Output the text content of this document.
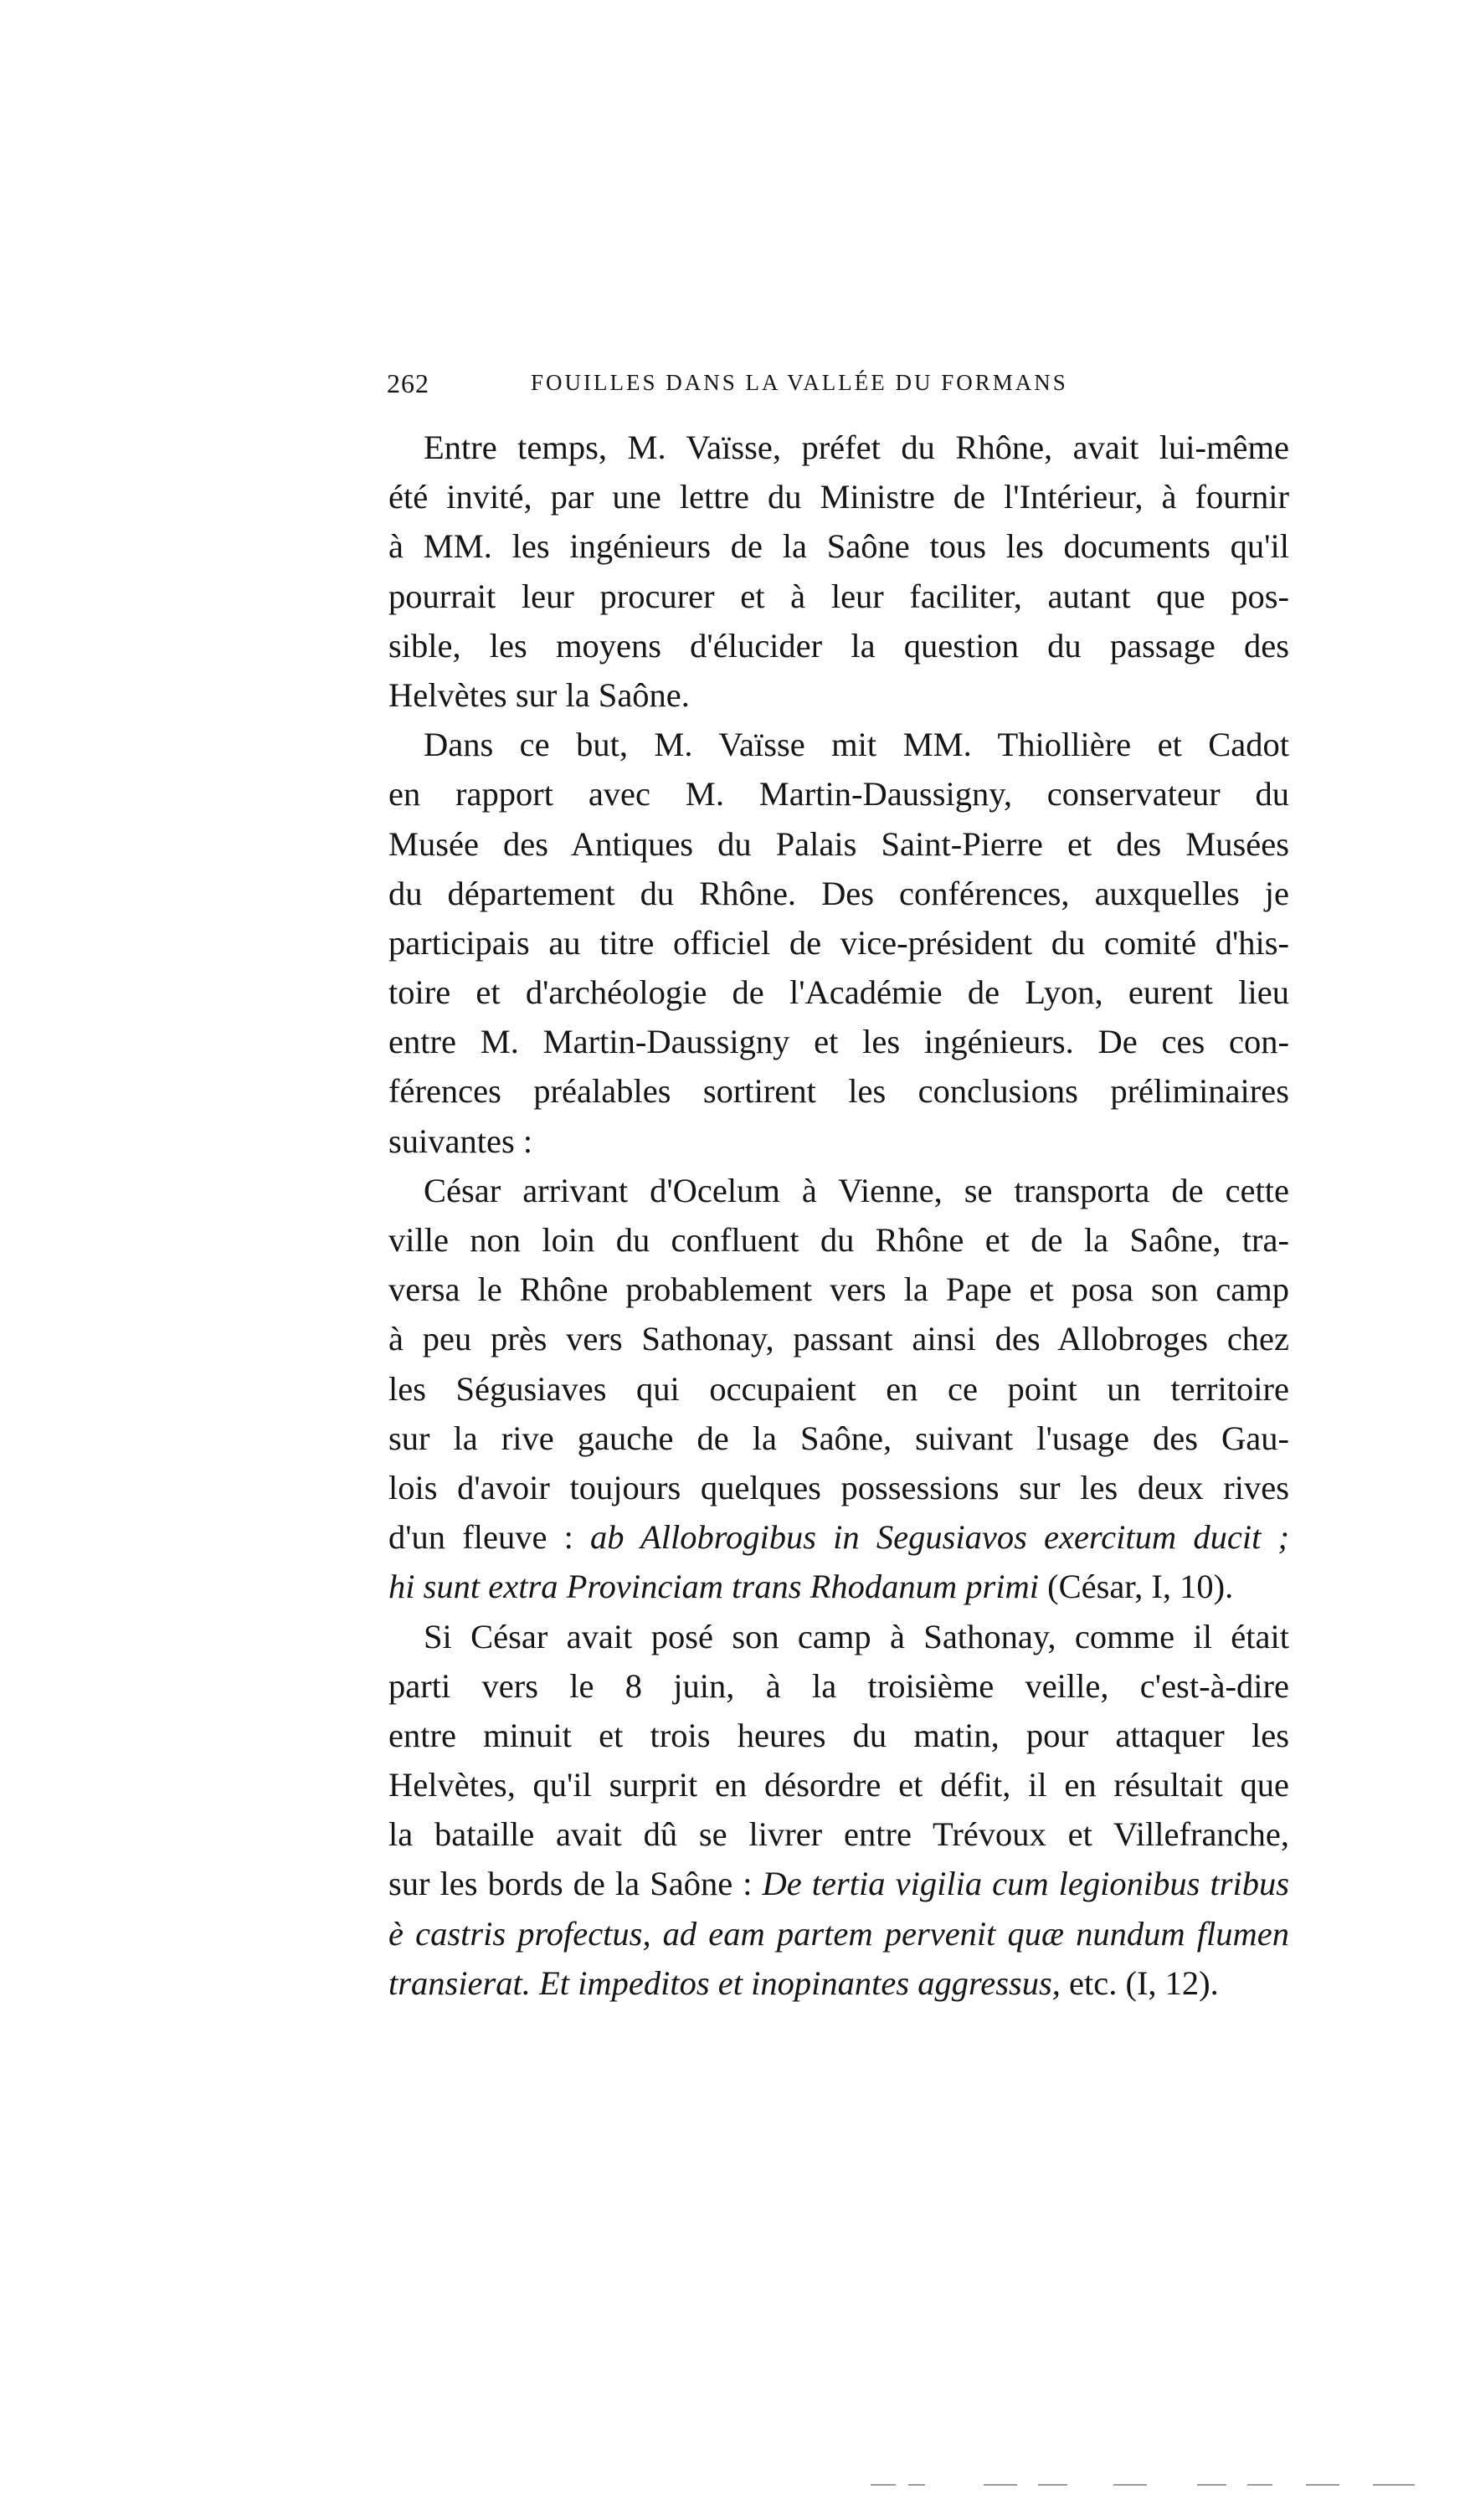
262	FOUILLES DANS LA VALLÉE DU FORMANS
Entre temps, M. Vaïsse, préfet du Rhône, avait lui-même
été invité, par une lettre du Ministre de l'Intérieur, à fournir
à MM. les ingénieurs de la Saône tous les documents qu'il
pourrait leur procurer et à leur faciliter, autant que pos-
sible, les moyens d'élucider la question du passage des
Helvètes sur la Saône.
Dans ce but, M. Vaïsse mit MM. Thiollière et Cadot
en rapport avec M. Martin-Daussigny, conservateur du
Musée des Antiques du Palais Saint-Pierre et des Musées
du département du Rhône. Des conférences, auxquelles je
participais au titre officiel de vice-président du comité d'his-
toire et d'archéologie de l'Académie de Lyon, eurent lieu
entre M. Martin-Daussigny et les ingénieurs. De ces con-
férences préalables sortirent les conclusions préliminaires
suivantes :
César arrivant d'Ocelum à Vienne, se transporta de cette
ville non loin du confluent du Rhône et de la Saône, tra-
versa le Rhône probablement vers la Pape et posa son camp
à peu près vers Sathonay, passant ainsi des Allobroges chez
les Ségusiaves qui occupaient en ce point un territoire
sur la rive gauche de la Saône, suivant l'usage des Gau-
lois d'avoir toujours quelques possessions sur les deux rives
d'un fleuve : ab Allobrogibus in Segusiavos exercitum ducit ;
hi sunt extra Provinciam trans Rhodanum primi (César, I, 10).
Si César avait posé son camp à Sathonay, comme il était
parti vers le 8 juin, à la troisième veille, c'est-à-dire
entre minuit et trois heures du matin, pour attaquer les
Helvètes, qu'il surprit en désordre et défit, il en résultait que
la bataille avait dû se livrer entre Trévoux et Villefranche,
sur les bords de la Saône : De tertia vigilia cum legionibus tribus
è castris profectus, ad eam partem pervenit quæ nundum flumen
transierat. Et impeditos et inopinantes aggressus, etc. (I, 12).
